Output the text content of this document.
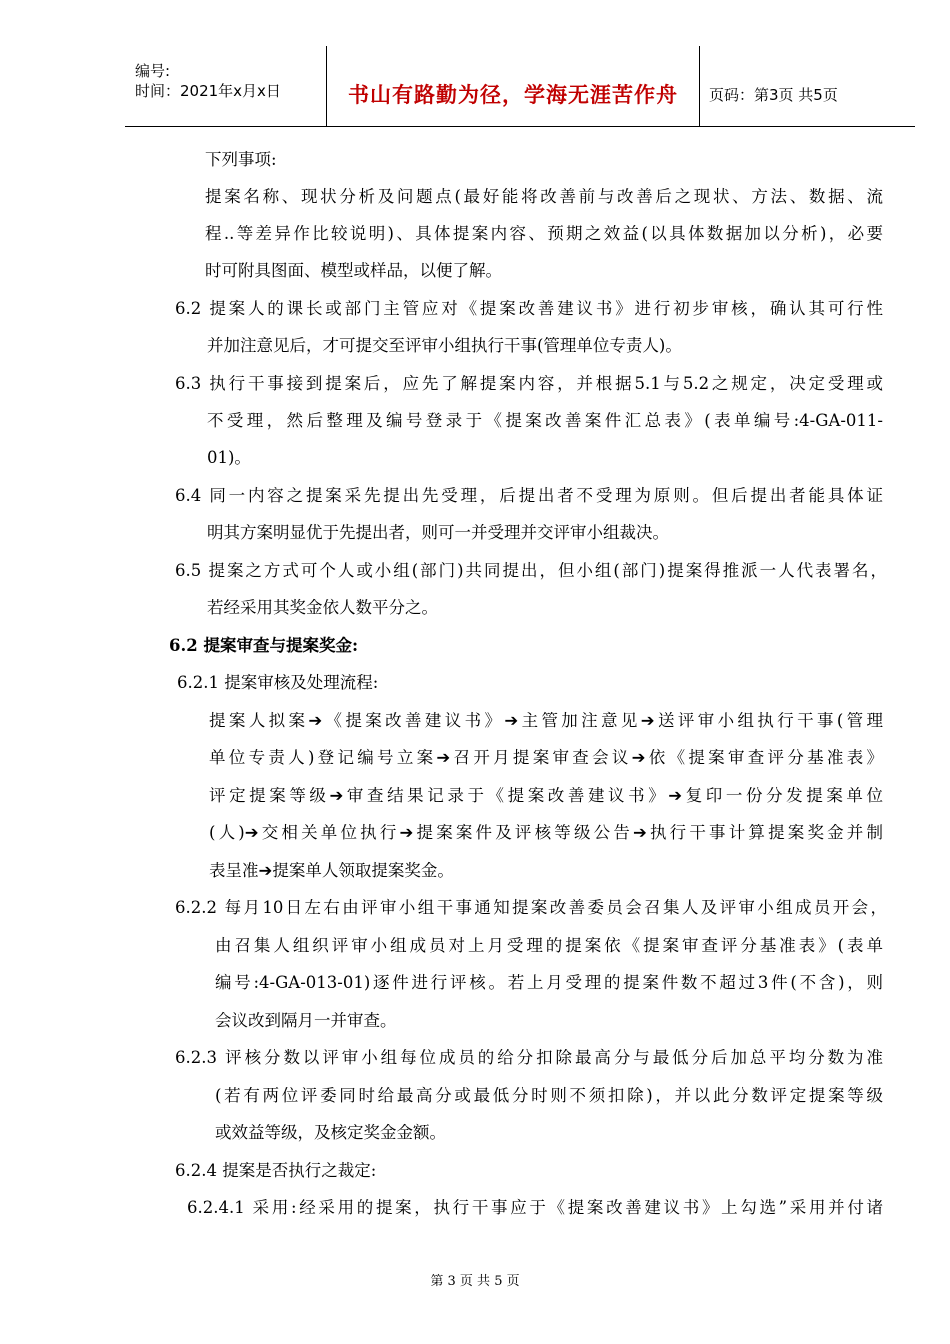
编号:
时间：2021年x月x日	书山有路勤为径，学海无涯苦作舟	页码：第3页 共5页
下列事项:
提案名称、现状分析及问题点(最好能将改善前与改善后之现状、方法、数据、流
程..等差异作比较说明)、具体提案内容、预期之效益(以具体数据加以分析)，必要
时可附具图面、模型或样品，以便了解。
6.2 提案人的课长或部门主管应对《提案改善建议书》进行初步审核，确认其可行性
并加注意见后，才可提交至评审小组执行干事(管理单位专责人)。
6.3 执行干事接到提案后，应先了解提案内容，并根据5.1与5.2之规定，决定受理或
不受理，然后整理及编号登录于《提案改善案件汇总表》(表单编号:4-GA-011-
01)。
6.4 同一内容之提案采先提出先受理，后提出者不受理为原则。但后提出者能具体证
明其方案明显优于先提出者，则可一并受理并交评审小组裁决。
6.5 提案之方式可个人或小组(部门)共同提出，但小组(部门)提案得推派一人代表署名，
若经采用其奖金依人数平分之。
6.2 提案审查与提案奖金:
6.2.1 提案审核及处理流程:
提案人拟案➔《提案改善建议书》➔主管加注意见➔送评审小组执行干事(管理
单位专责人)登记编号立案➔召开月提案审查会议➔依《提案审查评分基准表》
评定提案等级➔审查结果记录于《提案改善建议书》➔复印一份分发提案单位
(人)➔交相关单位执行➔提案案件及评核等级公告➔执行干事计算提案奖金并制
表呈准➔提案单人领取提案奖金。
6.2.2 每月10日左右由评审小组干事通知提案改善委员会召集人及评审小组成员开会，
由召集人组织评审小组成员对上月受理的提案依《提案审查评分基准表》(表单
编号:4-GA-013-01)逐件进行评核。若上月受理的提案件数不超过3件(不含)，则
会议改到隔月一并审查。
6.2.3 评核分数以评审小组每位成员的给分扣除最高分与最低分后加总平均分数为准
(若有两位评委同时给最高分或最低分时则不须扣除)，并以此分数评定提案等级
或效益等级，及核定奖金金额。
6.2.4 提案是否执行之裁定:
6.2.4.1 采用:经采用的提案，执行干事应于《提案改善建议书》上勾选”采用并付诸
第 3 页 共 5 页
